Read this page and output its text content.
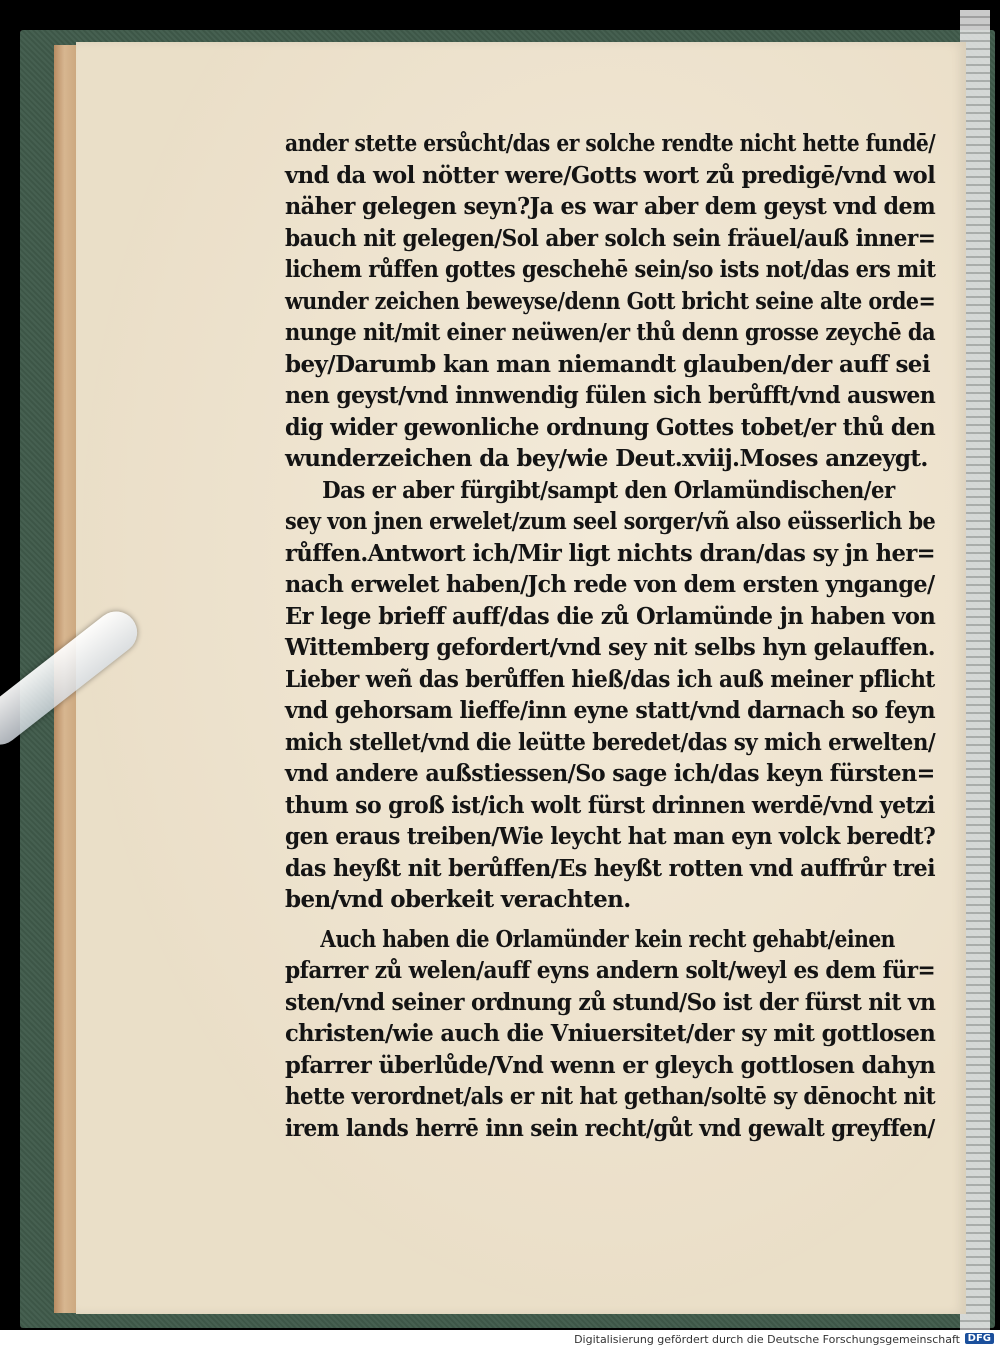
ander stette ersůcht/das er solche rendte nicht hette fundē/
vnd da wol nötter were/Gotts wort zů predigē/vnd wol
näher gelegen seyn?Ja es war aber dem geyst vnd dem
bauch nit gelegen/Sol aber solch sein fräuel/auß inner=
lichem růffen gottes geschehē sein/so ists not/das ers mit
wunder zeichen beweyse/denn Gott bricht seine alte orde=
nunge nit/mit einer neüwen/er thů denn grosse zeychē da
bey/Darumb kan man niemandt glauben/der auff sei
nen geyst/vnd innwendig fülen sich berůfft/vnd auswen
dig wider gewonliche ordnung Gottes tobet/er thů den
wunderzeichen da bey/wie Deut.xviij.Moses anzeygt.
Das er aber fürgibt/sampt den Orlamündischen/er
sey von jnen erwelet/zum seel sorger/vñ also eüsserlich be
růffen.Antwort ich/Mir ligt nichts dran/das sy jn her=
nach erwelet haben/Jch rede von dem ersten yngange/
Er lege brieff auff/das die zů Orlamünde jn haben von
Wittemberg gefordert/vnd sey nit selbs hyn gelauffen.
Lieber weñ das berůffen hieß/das ich auß meiner pflicht
vnd gehorsam lieffe/inn eyne statt/vnd darnach so feyn
mich stellet/vnd die leütte beredet/das sy mich erwelten/
vnd andere außstiessen/So sage ich/das keyn fürsten=
thum so groß ist/ich wolt fürst drinnen werdē/vnd yetzi
gen eraus treiben/Wie leycht hat man eyn volck beredt?
das heyßt nit berůffen/Es heyßt rotten vnd auffrůr trei
ben/vnd oberkeit verachten.
Auch haben die Orlamünder kein recht gehabt/einen
pfarrer zů welen/auff eyns andern solt/weyl es dem für=
sten/vnd seiner ordnung zů stund/So ist der fürst nit vn
christen/wie auch die Vniuersitet/der sy mit gottlosen
pfarrer überlůde/Vnd wenn er gleych gottlosen dahyn
hette verordnet/als er nit hat gethan/soltē sy dēnocht nit
irem lands herrē inn sein recht/gůt vnd gewalt greyffen/
Digitalisierung gefördert durch die Deutsche Forschungsgemeinschaft DFG
